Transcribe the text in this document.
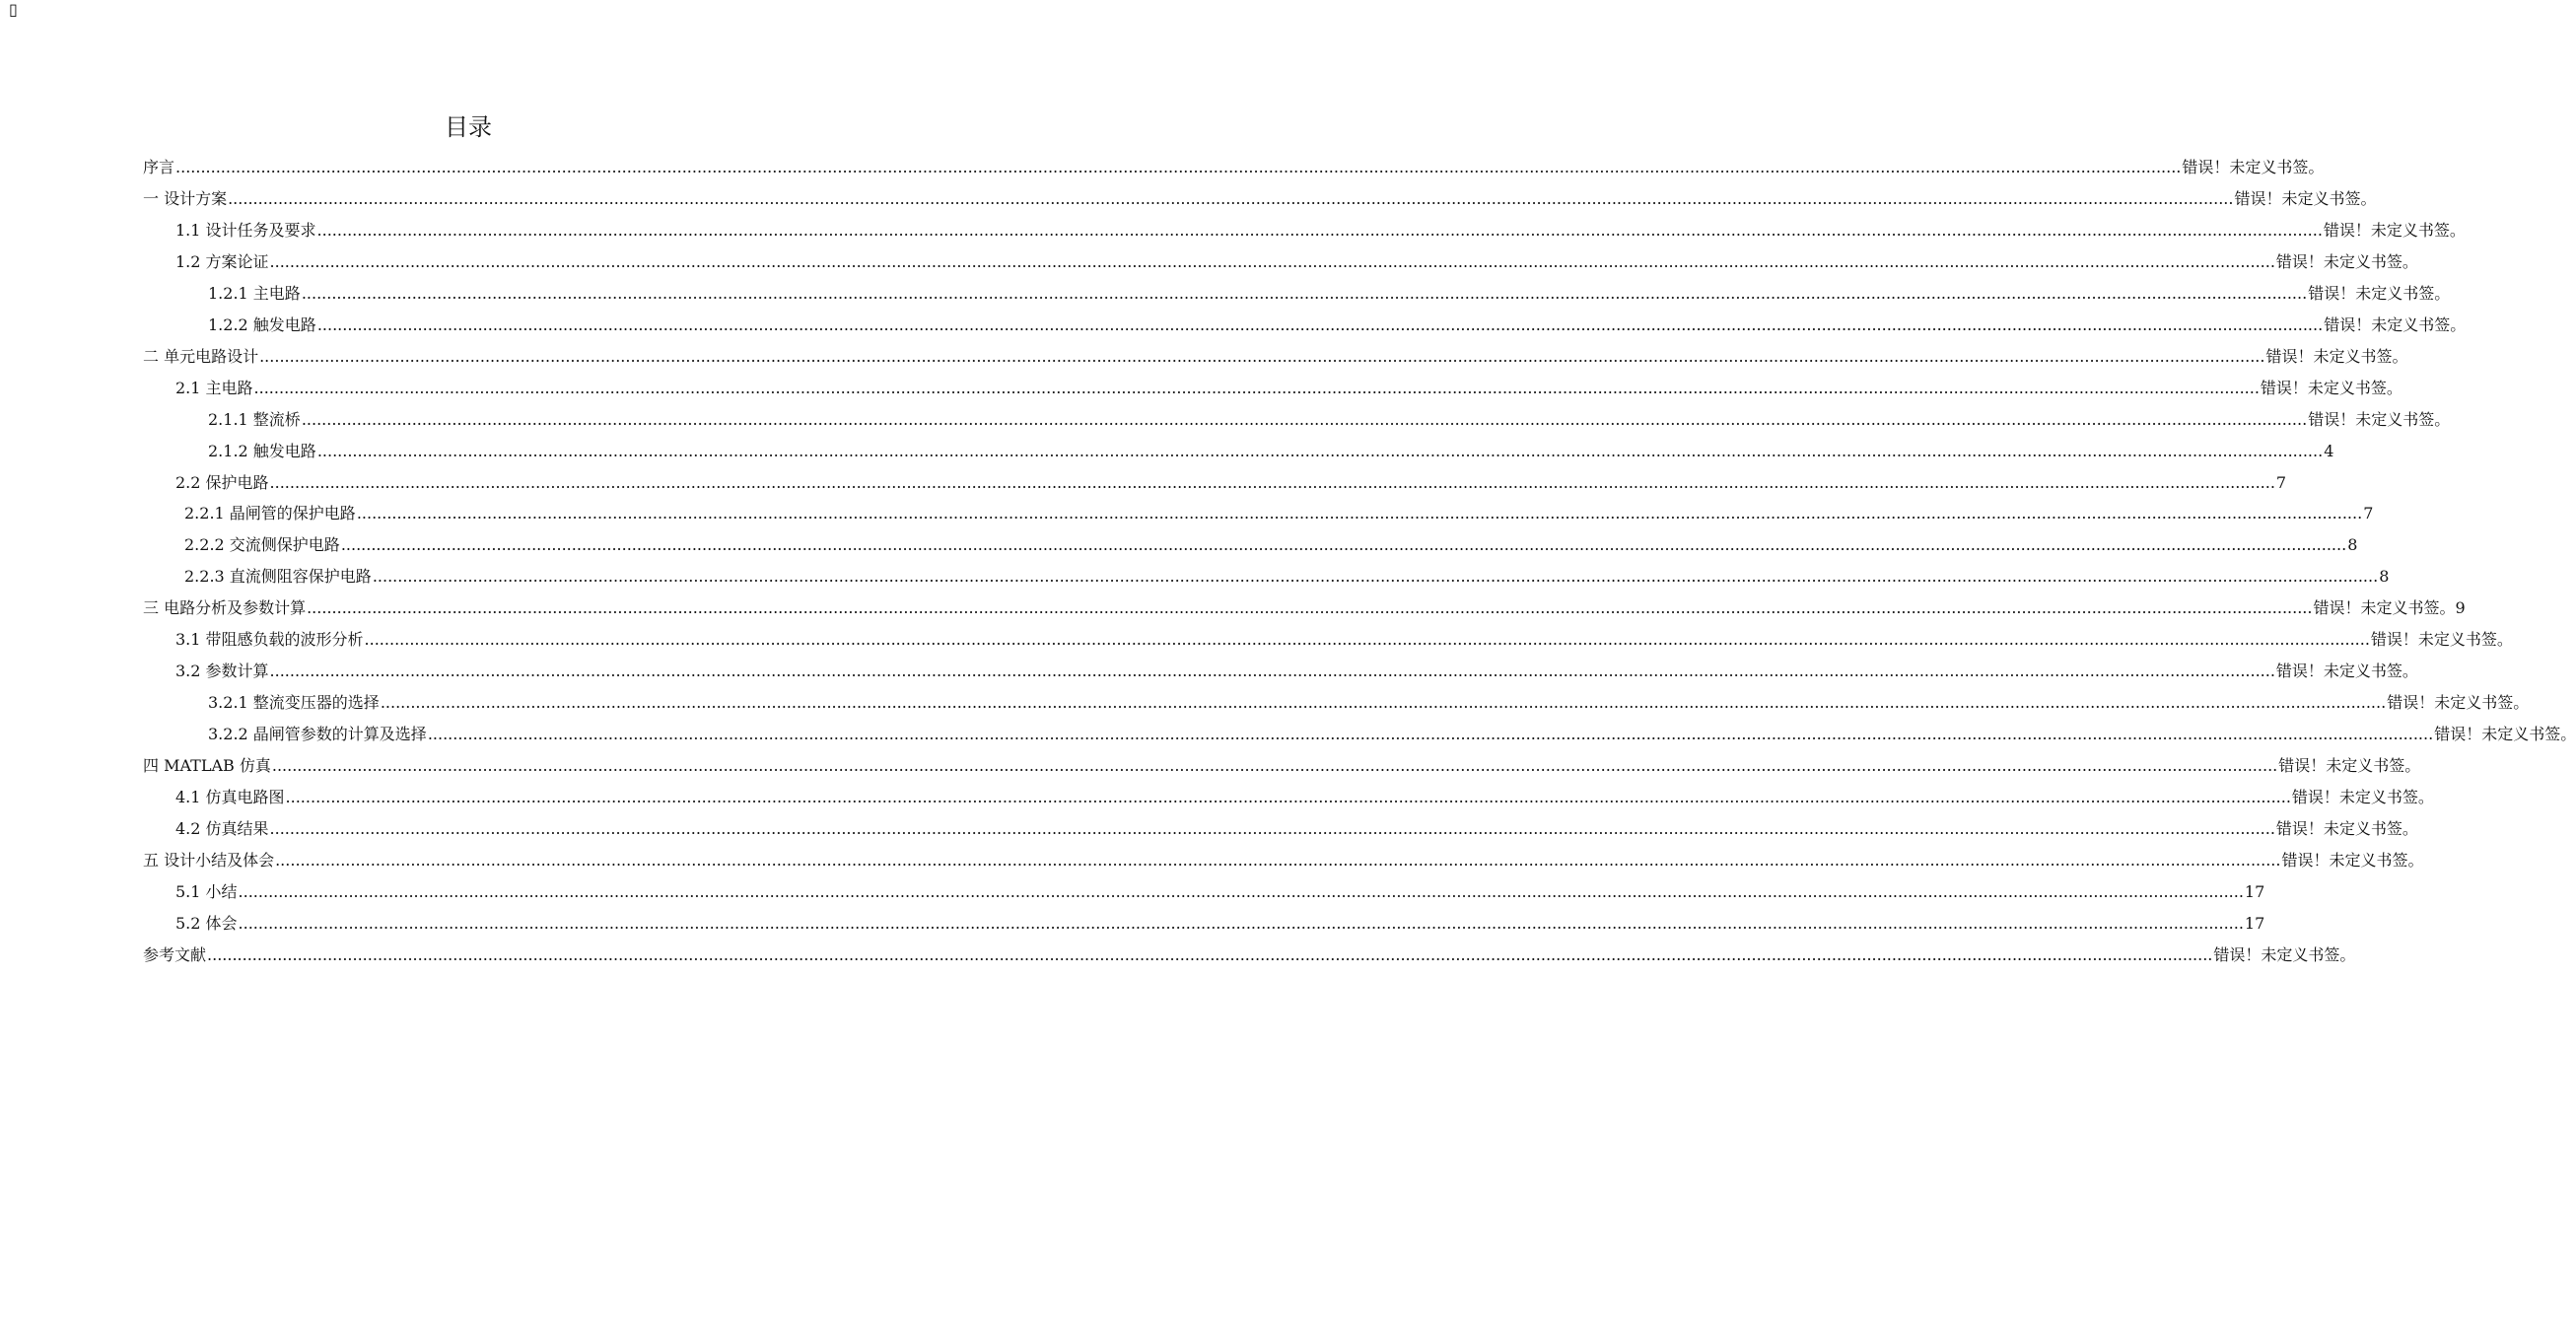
▯
目录
序言 ................................................................................................................................................................................................................................................................................................................................................................................................................ 错误！未定义书签。
一 设计方案 ................................................................................................................................................................................................................................................................................................................................................................................................................ 错误！未定义书签。
1.1 设计任务及要求 ................................................................................................................................................................................................................................................................................................................................................................................................................ 错误！未定义书签。
1.2 方案论证 ................................................................................................................................................................................................................................................................................................................................................................................................................ 错误！未定义书签。
1.2.1 主电路 ................................................................................................................................................................................................................................................................................................................................................................................................................ 错误！未定义书签。
1.2.2 触发电路 ................................................................................................................................................................................................................................................................................................................................................................................................................ 错误！未定义书签。
二 单元电路设计 ................................................................................................................................................................................................................................................................................................................................................................................................................ 错误！未定义书签。
2.1 主电路 ................................................................................................................................................................................................................................................................................................................................................................................................................ 错误！未定义书签。
2.1.1 整流桥 ................................................................................................................................................................................................................................................................................................................................................................................................................ 错误！未定义书签。
2.1.2 触发电路 ................................................................................................................................................................................................................................................................................................................................................................................................................ 4
2.2 保护电路 ................................................................................................................................................................................................................................................................................................................................................................................................................ 7
2.2.1 晶闸管的保护电路 ................................................................................................................................................................................................................................................................................................................................................................................................................ 7
2.2.2 交流侧保护电路 ................................................................................................................................................................................................................................................................................................................................................................................................................ 8
2.2.3 直流侧阻容保护电路 ................................................................................................................................................................................................................................................................................................................................................................................................................ 8
三 电路分析及参数计算 ................................................................................................................................................................................................................................................................................................................................................................................................................ 错误！未定义书签。9
3.1 带阻感负载的波形分析 ................................................................................................................................................................................................................................................................................................................................................................................................................ 错误！未定义书签。
3.2 参数计算 ................................................................................................................................................................................................................................................................................................................................................................................................................ 错误！未定义书签。
3.2.1 整流变压器的选择 ................................................................................................................................................................................................................................................................................................................................................................................................................ 错误！未定义书签。
3.2.2 晶闸管参数的计算及选择 ................................................................................................................................................................................................................................................................................................................................................................................................................ 错误！未定义书签。
四 MATLAB 仿真 ................................................................................................................................................................................................................................................................................................................................................................................................................ 错误！未定义书签。
4.1 仿真电路图 ................................................................................................................................................................................................................................................................................................................................................................................................................ 错误！未定义书签。
4.2 仿真结果 ................................................................................................................................................................................................................................................................................................................................................................................................................ 错误！未定义书签。
五 设计小结及体会 ................................................................................................................................................................................................................................................................................................................................................................................................................ 错误！未定义书签。
5.1 小结 ................................................................................................................................................................................................................................................................................................................................................................................................................ 17
5.2 体会 ................................................................................................................................................................................................................................................................................................................................................................................................................ 17
参考文献 ................................................................................................................................................................................................................................................................................................................................................................................................................ 错误！未定义书签。
